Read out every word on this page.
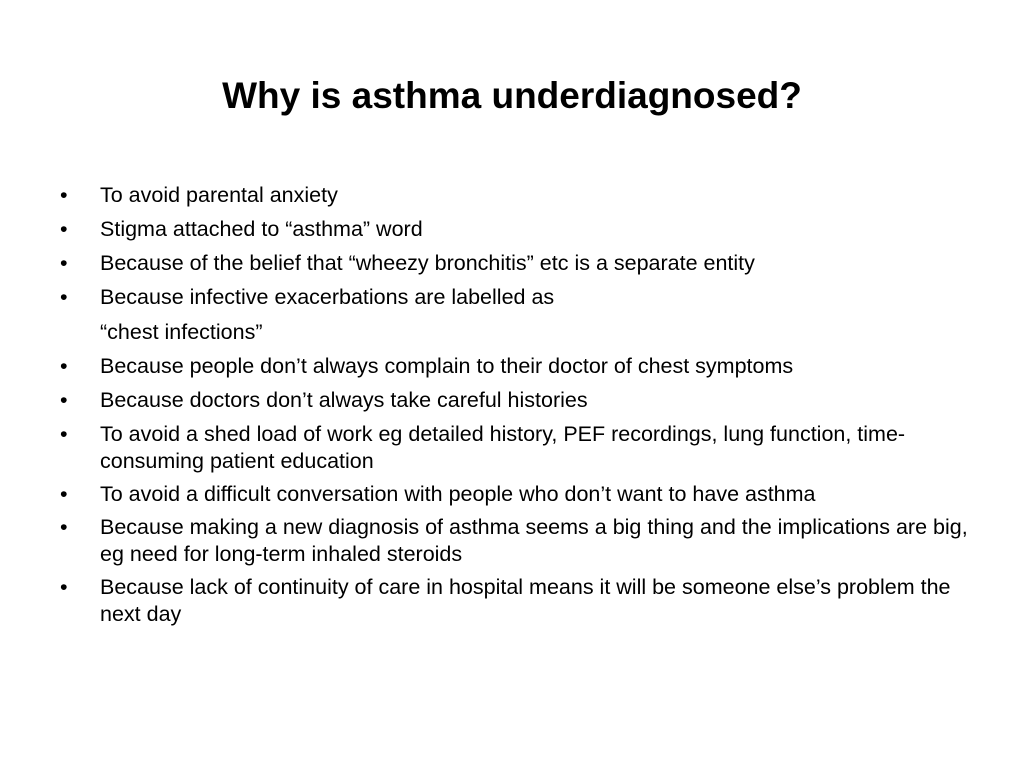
Why is asthma underdiagnosed?
•	To avoid parental anxiety
•	Stigma attached to “asthma” word
•	Because of the belief that “wheezy bronchitis” etc is a separate entity
•	Because infective exacerbations are labelled as
“chest infections”
•	Because people don’t always complain to their doctor of chest symptoms
•	Because doctors don’t always take careful histories
•	To avoid a shed load of work eg detailed history, PEF recordings, lung function, time-consuming patient education
•	To avoid a difficult conversation with people who don’t want to have asthma
•	Because making a new diagnosis of asthma seems a big thing and the implications are big, eg need for long-term inhaled steroids
•	Because lack of continuity of care in hospital means it will be someone else’s problem the next day
